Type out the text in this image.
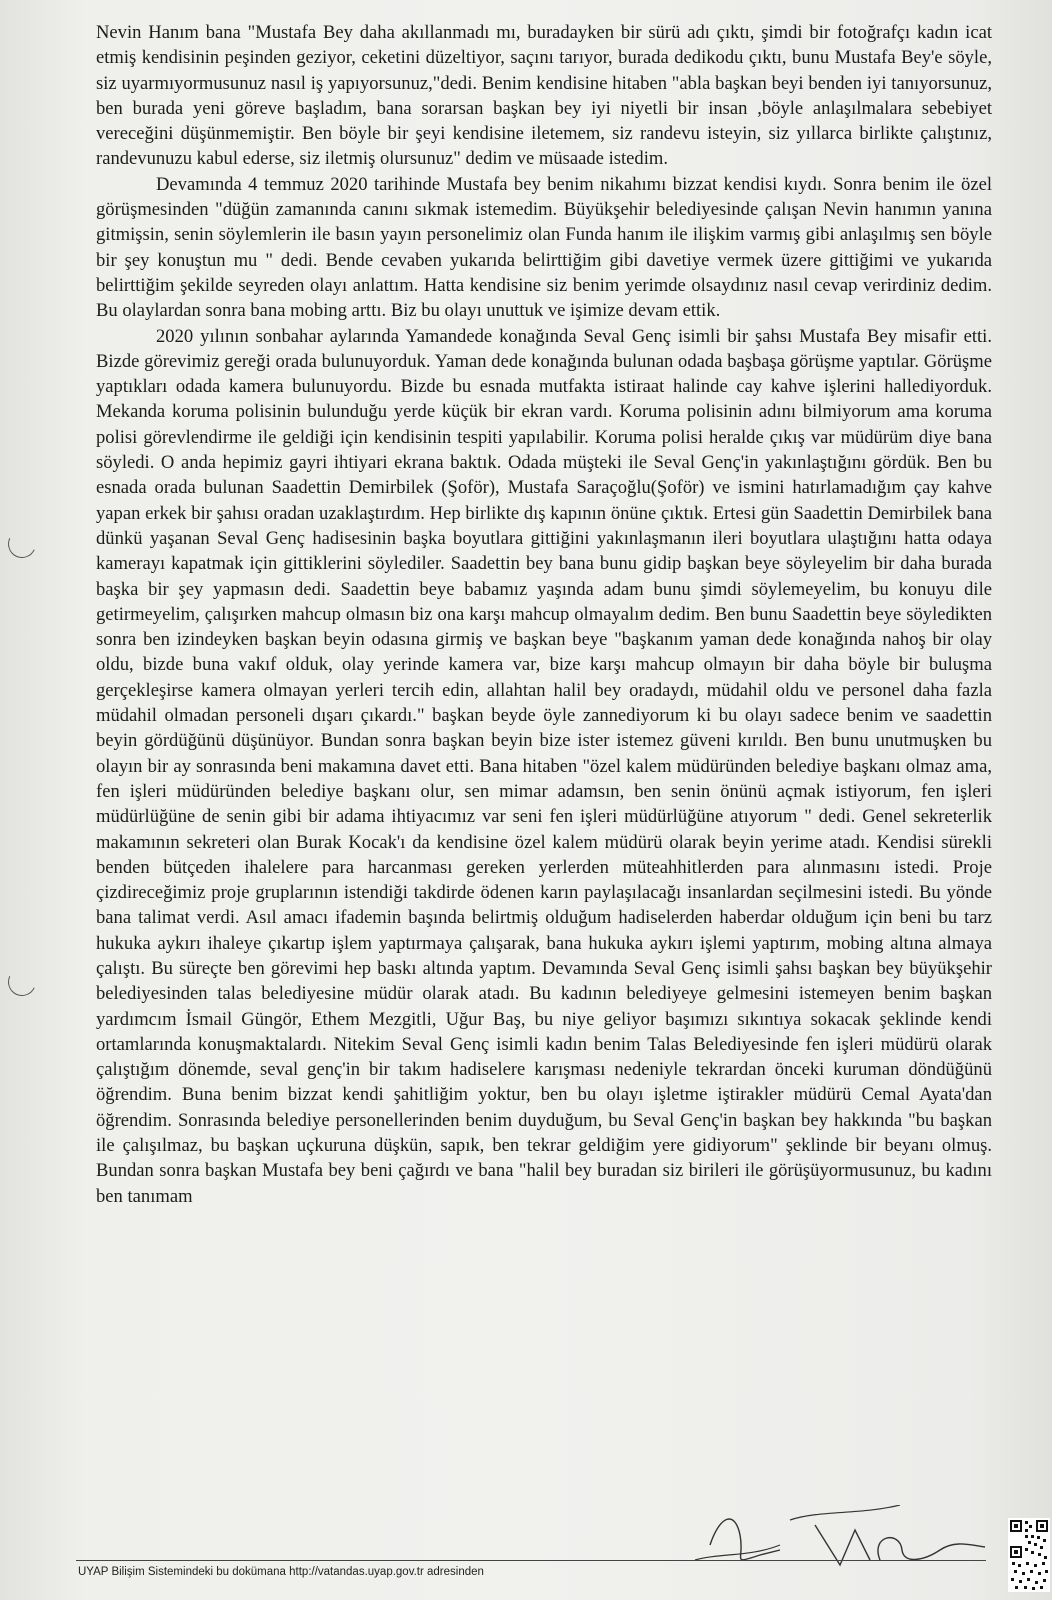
Nevin Hanım bana "Mustafa Bey daha akıllanmadı mı, buradayken bir sürü adı çıktı, şimdi bir fotoğrafçı kadın icat etmiş kendisinin peşinden geziyor, ceketini düzeltiyor, saçını tarıyor, burada dedikodu çıktı, bunu Mustafa Bey'e söyle, siz uyarmıyormusunuz nasıl iş yapıyorsunuz,"dedi. Benim kendisine hitaben "abla başkan beyi benden iyi tanıyorsunuz, ben burada yeni göreve başladım, bana sorarsan başkan bey iyi niyetli bir insan ,böyle anlaşılmalara sebebiyet vereceğini düşünmemiştir. Ben böyle bir şeyi kendisine iletemem, siz randevu isteyin, siz yıllarca birlikte çalıştınız, randevunuzu kabul ederse, siz iletmiş olursunuz" dedim ve müsaade istedim.

Devamında 4 temmuz 2020 tarihinde Mustafa bey benim nikahımı bizzat kendisi kıydı. Sonra benim ile özel görüşmesinden "düğün zamanında canını sıkmak istemedim. Büyükşehir belediyesinde çalışan Nevin hanımın yanına gitmişsin, senin söylemlerin ile basın yayın personelimiz olan Funda hanım ile ilişkim varmış gibi anlaşılmış sen böyle bir şey konuştun mu " dedi. Bende cevaben yukarıda belirttiğim gibi davetiye vermek üzere gittiğimi ve yukarıda belirttiğim şekilde seyreden olayı anlattım. Hatta kendisine siz benim yerimde olsaydınız nasıl cevap verirdiniz dedim. Bu olaylardan sonra bana mobing arttı. Biz bu olayı unuttuk ve işimize devam ettik.

2020 yılının sonbahar aylarında Yamandede konağında Seval Genç isimli bir şahsı Mustafa Bey misafir etti. Bizde görevimiz gereği orada bulunuyorduk. Yaman dede konağında bulunan odada başbaşa görüşme yaptılar. Görüşme yaptıkları odada kamera bulunuyordu. Bizde bu esnada mutfakta istiraat halinde cay kahve işlerini hallediyorduk. Mekanda koruma polisinin bulunduğu yerde küçük bir ekran vardı. Koruma polisinin adını bilmiyorum ama koruma polisi görevlendirme ile geldiği için kendisinin tespiti yapılabilir. Koruma polisi heralde çıkış var müdürüm diye bana söyledi. O anda hepimiz gayri ihtiyari ekrana baktık. Odada müşteki ile Seval Genç'in yakınlaştığını gördük. Ben bu esnada orada bulunan Saadettin Demirbilek (Şoför), Mustafa Saraçoğlu(Şoför) ve ismini hatırlamadığım çay kahve yapan erkek bir şahısı oradan uzaklaştırdım. Hep birlikte dış kapının önüne çıktık. Ertesi gün Saadettin Demirbilek bana dünkü yaşanan Seval Genç hadisesinin başka boyutlara gittiğini yakınlaşmanın ileri boyutlara ulaştığını hatta odaya kamerayı kapatmak için gittiklerini söylediler. Saadettin bey bana bunu gidip başkan beye söyleyelim bir daha burada başka bir şey yapmasın dedi. Saadettin beye babamız yaşında adam bunu şimdi söylemeyelim, bu konuyu dile getirmeyelim, çalışırken mahcup olmasın biz ona karşı mahcup olmayalım dedim. Ben bunu Saadettin beye söyledikten sonra ben izindeyken başkan beyin odasına girmiş ve başkan beye "başkanım yaman dede konağında nahoş bir olay oldu, bizde buna vakıf olduk, olay yerinde kamera var, bize karşı mahcup olmayın bir daha böyle bir buluşma gerçekleşirse kamera olmayan yerleri tercih edin, allahtan halil bey oradaydı, müdahil oldu ve personel daha fazla müdahil olmadan personeli dışarı çıkardı." başkan beyde öyle zannediyorum ki bu olayı sadece benim ve saadettin beyin gördüğünü düşünüyor. Bundan sonra başkan beyin bize ister istemez güveni kırıldı. Ben bunu unutmuşken bu olayın bir ay sonrasında beni makamına davet etti. Bana hitaben "özel kalem müdüründen belediye başkanı olmaz ama, fen işleri müdüründen belediye başkanı olur, sen mimar adamsın, ben senin önünü açmak istiyorum, fen işleri müdürlüğüne de senin gibi bir adama ihtiyacımız var seni fen işleri müdürlüğüne atıyorum " dedi. Genel sekreterlik makamının sekreteri olan Burak Kocak'ı da kendisine özel kalem müdürü olarak beyin yerime atadı. Kendisi sürekli benden bütçeden ihalelere para harcanması gereken yerlerden müteahhitlerden para alınmasını istedi. Proje çizdireceğimiz proje gruplarının istendiği takdirde ödenen karın paylaşılacağı insanlardan seçilmesini istedi. Bu yönde bana talimat verdi. Asıl amacı ifademin başında belirtmiş olduğum hadiselerden haberdar olduğum için beni bu tarz hukuka aykırı ihaleye çıkartıp işlem yaptırmaya çalışarak, bana hukuka aykırı işlemi yaptırım, mobing altına almaya çalıştı. Bu süreçte ben görevimi hep baskı altında yaptım. Devamında Seval Genç isimli şahsı başkan bey büyükşehir belediyesinden talas belediyesine müdür olarak atadı. Bu kadının belediyeye gelmesini istemeyen benim başkan yardımcım İsmail Güngör, Ethem Mezgitli, Uğur Baş, bu niye geliyor başımızı sıkıntıya sokacak şeklinde kendi ortamlarında konuşmaktalardı. Nitekim Seval Genç isimli kadın benim Talas Belediyesinde fen işleri müdürü olarak çalıştığım dönemde, seval genç'in bir takım hadiselere karışması nedeniyle tekrardan önceki kuruman döndüğünü öğrendim. Buna benim bizzat kendi şahitliğim yoktur, ben bu olayı işletme iştirakler müdürü Cemal Ayata'dan öğrendim. Sonrasında belediye personellerinden benim duyduğum, bu Seval Genç'in başkan bey hakkında "bu başkan ile çalışılmaz, bu başkan uçkuruna düşkün, sapık, ben tekrar geldiğim yere gidiyorum" şeklinde bir beyanı olmuş. Bundan sonra başkan Mustafa bey beni çağırdı ve bana "halil bey buradan siz birileri ile görüşüyormusunuz, bu kadını ben tanımam

UYAP Bilişim Sistemindeki bu dokümana http://vatandas.uyap.gov.tr adresinden
